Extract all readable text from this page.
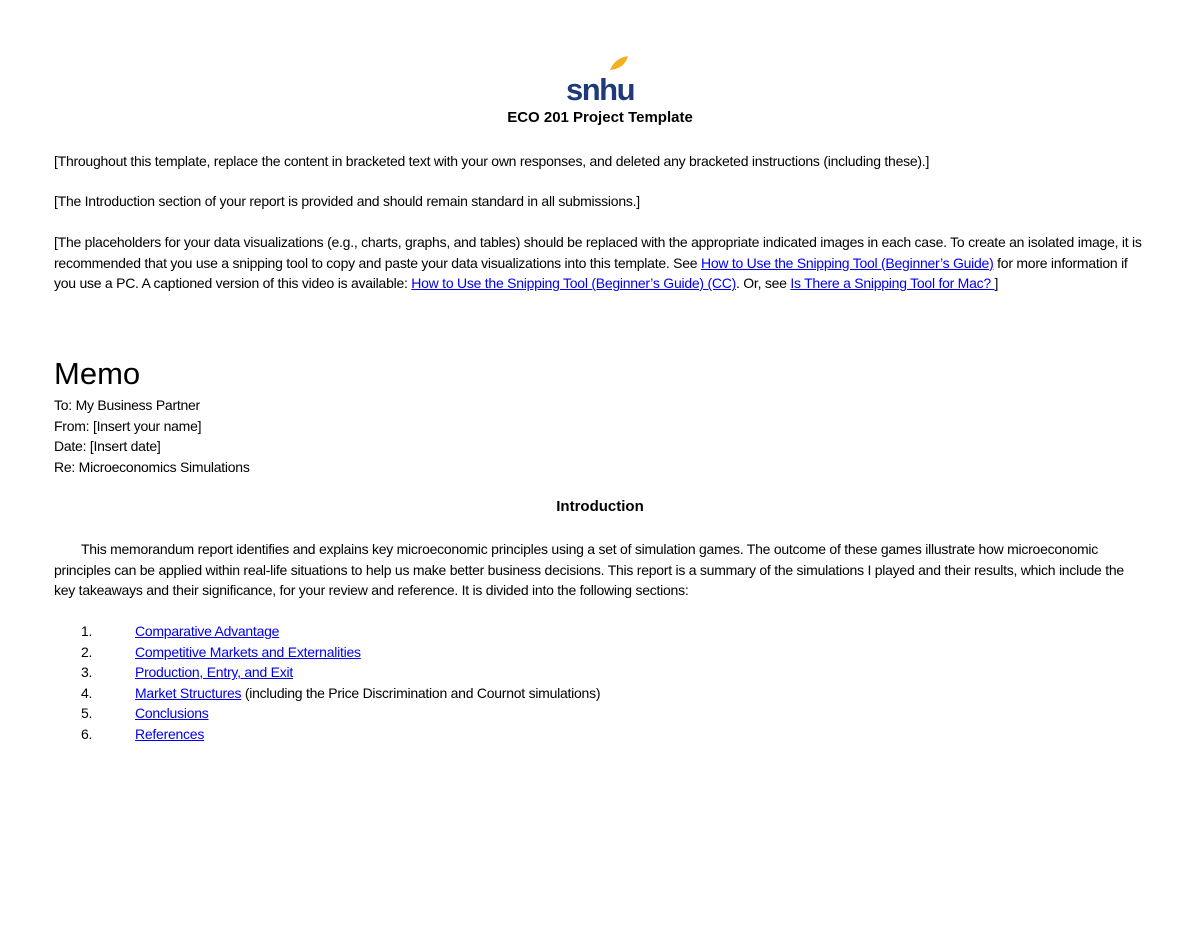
snhu
ECO 201 Project Template
[Throughout this template, replace the content in bracketed text with your own responses, and deleted any bracketed instructions (including these).]
[The Introduction section of your report is provided and should remain standard in all submissions.]
[The placeholders for your data visualizations (e.g., charts, graphs, and tables) should be replaced with the appropriate indicated images in each case. To create an isolated image, it is recommended that you use a snipping tool to copy and paste your data visualizations into this template. See How to Use the Snipping Tool (Beginner’s Guide) for more information if you use a PC. A captioned version of this video is available: How to Use the Snipping Tool (Beginner’s Guide) (CC). Or, see Is There a Snipping Tool for Mac? ]
Memo
To: My Business Partner
From: [Insert your name]
Date: [Insert date]
Re: Microeconomics Simulations
Introduction
This memorandum report identifies and explains key microeconomic principles using a set of simulation games. The outcome of these games illustrate how microeconomic principles can be applied within real-life situations to help us make better business decisions. This report is a summary of the simulations I played and their results, which include the key takeaways and their significance, for your review and reference. It is divided into the following sections:
1.	Comparative Advantage
2.	Competitive Markets and Externalities
3.	Production, Entry, and Exit
4.	Market Structures (including the Price Discrimination and Cournot simulations)
5.	Conclusions
6.	References
